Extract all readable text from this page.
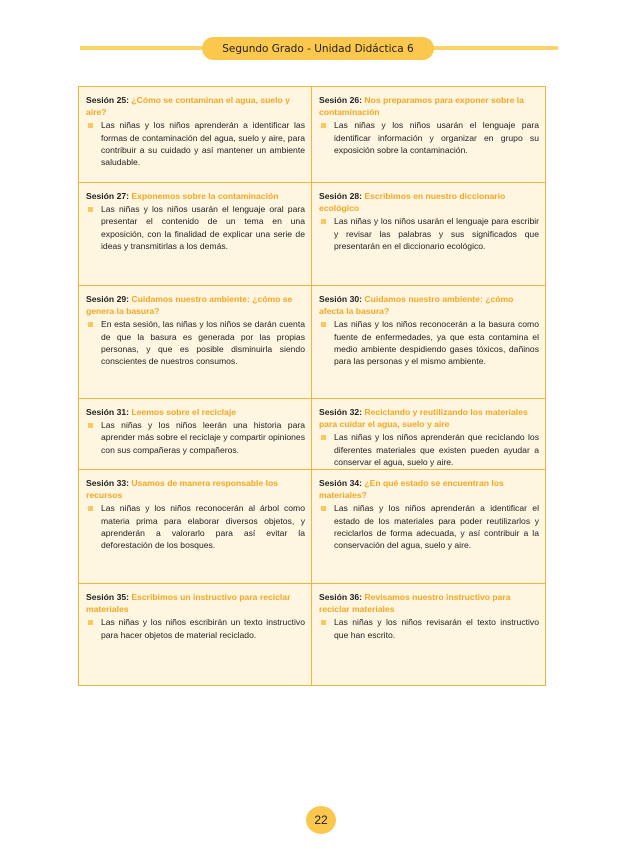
Segundo Grado - Unidad Didáctica 6
Sesión 25: ¿Cómo se contaminan el agua, suelo y aire?
Las niñas y los niños aprenderán a identificar las formas de contaminación del agua, suelo y aire, para contribuir a su cuidado y así mantener un ambiente saludable.
Sesión 26: Nos preparamos para exponer sobre la contaminación
Las niñas y los niños usarán el lenguaje para identificar información y organizar en grupo su exposición sobre la contaminación.
Sesión 27: Exponemos sobre la contaminación
Las niñas y los niños usarán el lenguaje oral para presentar el contenido de un tema en una exposición, con la finalidad de explicar una serie de ideas y transmitirlas a los demás.
Sesión 28: Escribimos en nuestro diccionario ecológico
Las niñas y los niños usarán el lenguaje para escribir y revisar las palabras y sus significados que presentarán en el diccionario ecológico.
Sesión 29: Cuidamos nuestro ambiente: ¿cómo se genera la basura?
En esta sesión, las niñas y los niños se darán cuenta de que la basura es generada por las propias personas, y que es posible disminuirla siendo conscientes de nuestros consumos.
Sesión 30: Cuidamos nuestro ambiente: ¿cómo afecta la basura?
Las niñas y los niños reconocerán a la basura como fuente de enfermedades, ya que esta contamina el medio ambiente despidiendo gases tóxicos, dañinos para las personas y el mismo ambiente.
Sesión 31: Leemos sobre el reciclaje
Las niñas y los niños leerán una historia para aprender más sobre el reciclaje y compartir opiniones con sus compañeras y compañeros.
Sesión 32: Reciclando y reutilizando los materiales para cuidar el agua, suelo y aire
Las niñas y los niños aprenderán que reciclando los diferentes materiales que existen pueden ayudar a conservar el agua, suelo y aire.
Sesión 33: Usamos de manera responsable los recursos
Las niñas y los niños reconocerán al árbol como materia prima para elaborar diversos objetos, y aprenderán a valorarlo para así evitar la deforestación de los bosques.
Sesión 34: ¿En qué estado se encuentran los materiales?
Las niñas y los niños aprenderán a identificar el estado de los materiales para poder reutilizarlos y reciclarlos de forma adecuada, y así contribuir a la conservación del agua, suelo y aire.
Sesión 35: Escribimos un instructivo para reciclar materiales
Las niñas y los niños escribirán un texto instructivo para hacer objetos de material reciclado.
Sesión 36: Revisamos nuestro instructivo para reciclar materiales
Las niñas y los niños revisarán el texto instructivo que han escrito.
22
